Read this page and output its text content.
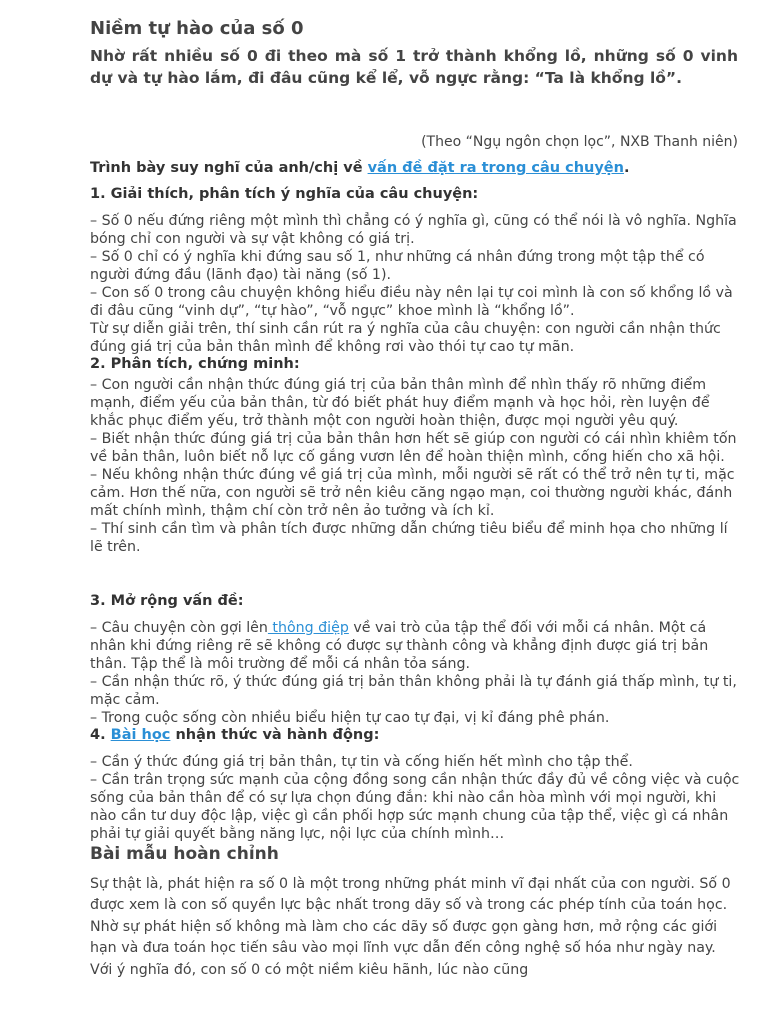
Niềm tự hào của số 0

Nhờ rất nhiều số 0 đi theo mà số 1 trở thành khổng lồ, những số 0 vinh dự và tự hào lắm, đi đâu cũng kể lể, vỗ ngực rằng: “Ta là khổng lồ”.

(Theo “Ngụ ngôn chọn lọc”, NXB Thanh niên)

Trình bày suy nghĩ của anh/chị về vấn đề đặt ra trong câu chuyện.

1. Giải thích, phân tích ý nghĩa của câu chuyện:

– Số 0 nếu đứng riêng một mình thì chẳng có ý nghĩa gì, cũng có thể nói là vô nghĩa. Nghĩa bóng chỉ con người và sự vật không có giá trị.
– Số 0 chỉ có ý nghĩa khi đứng sau số 1, như những cá nhân đứng trong một tập thể có người đứng đầu (lãnh đạo) tài năng (số 1).
– Con số 0 trong câu chuyện không hiểu điều này nên lại tự coi mình là con số khổng lồ và đi đâu cũng “vinh dự”, “tự hào”, “vỗ ngực” khoe mình là “khổng lồ”.
Từ sự diễn giải trên, thí sinh cần rút ra ý nghĩa của câu chuyện: con người cần nhận thức đúng giá trị của bản thân mình để không rơi vào thói tự cao tự mãn.

2. Phân tích, chứng minh:

– Con người cần nhận thức đúng giá trị của bản thân mình để nhìn thấy rõ những điểm mạnh, điểm yếu của bản thân, từ đó biết phát huy điểm mạnh và học hỏi, rèn luyện để khắc phục điểm yếu, trở thành một con người hoàn thiện, được mọi người yêu quý.
– Biết nhận thức đúng giá trị của bản thân hơn hết sẽ giúp con người có cái nhìn khiêm tốn về bản thân, luôn biết nỗ lực cố gắng vươn lên để hoàn thiện mình, cống hiến cho xã hội.
– Nếu không nhận thức đúng về giá trị của mình, mỗi người sẽ rất có thể trở nên tự ti, mặc cảm. Hơn thế nữa, con người sẽ trở nên kiêu căng ngạo mạn, coi thường người khác, đánh mất chính mình, thậm chí còn trở nên ảo tưởng và ích kỉ.
– Thí sinh cần tìm và phân tích được những dẫn chứng tiêu biểu để minh họa cho những lí lẽ trên.

3. Mở rộng vấn đề:

– Câu chuyện còn gợi lên thông điệp về vai trò của tập thể đối với mỗi cá nhân. Một cá nhân khi đứng riêng rẽ sẽ không có được sự thành công và khẳng định được giá trị bản thân. Tập thể là môi trường để mỗi cá nhân tỏa sáng.
– Cần nhận thức rõ, ý thức đúng giá trị bản thân không phải là tự đánh giá thấp mình, tự ti, mặc cảm.
– Trong cuộc sống còn nhiều biểu hiện tự cao tự đại, vị kỉ đáng phê phán.

4. Bài học nhận thức và hành động:

– Cần ý thức đúng giá trị bản thân, tự tin và cống hiến hết mình cho tập thể.
– Cần trân trọng sức mạnh của cộng đồng song cần nhận thức đầy đủ về công việc và cuộc sống của bản thân để có sự lựa chọn đúng đắn: khi nào cần hòa mình với mọi người, khi nào cần tư duy độc lập, việc gì cần phối hợp sức mạnh chung của tập thể, việc gì cá nhân phải tự giải quyết bằng năng lực, nội lực của chính mình…

Bài mẫu hoàn chỉnh

Sự thật là, phát hiện ra số 0 là một trong những phát minh vĩ đại nhất của con người. Số 0 được xem là con số quyền lực bậc nhất trong dãy số và trong các phép tính của toán học. Nhờ sự phát hiện số không mà làm cho các dãy số được gọn gàng hơn, mở rộng các giới hạn và đưa toán học tiến sâu vào mọi lĩnh vực dẫn đến công nghệ số hóa như ngày nay. Với ý nghĩa đó, con số 0 có một niềm kiêu hãnh, lúc nào cũng
